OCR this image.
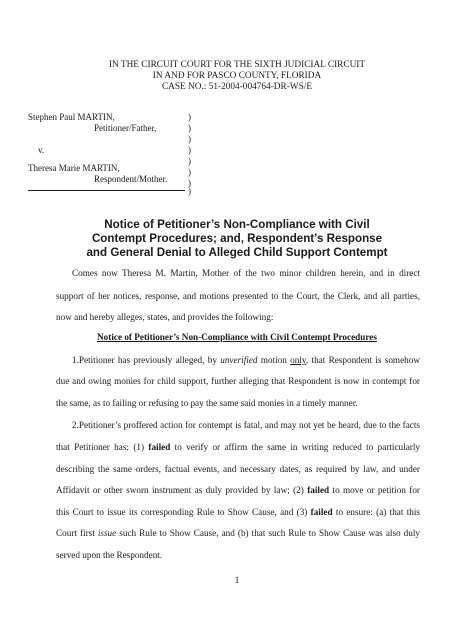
IN THE CIRCUIT COURT FOR THE SIXTH JUDICIAL CIRCUIT
IN AND FOR PASCO COUNTY, FLORIDA
CASE NO.: 51-2004-004764-DR-WS/E
Stephen Paul MARTIN,
Petitioner/Father,
v.
Theresa Marie MARTIN,
Respondent/Mother.
)
)
)
)
)
)
)
)
Notice of Petitioner’s Non-Compliance with Civil
Contempt Procedures; and, Respondent’s Response
and General Denial to Alleged Child Support Contempt
Comes now Theresa M. Martin, Mother of the two minor children herein, and in direct
support of her notices, response, and motions presented to the Court, the Clerk, and all parties,
now and hereby alleges, states, and provides the following:
Notice of Petitioner’s Non-Compliance with Civil Contempt Procedures
1.Petitioner has previously alleged, by unverified motion only, that Respondent is somehow
due and owing monies for child support, further alleging that Respondent is now in contempt for
the same, as to failing or refusing to pay the same said monies in a timely manner.
2.Petitioner’s proffered action for contempt is fatal, and may not yet be heard, due to the facts
that Petitioner has: (1) failed to verify or affirm the same in writing reduced to particularly
describing the same orders, factual events, and necessary dates, as required by law, and under
Affidavit or other sworn instrument as duly provided by law; (2) failed to move or petition for
this Court to issue its corresponding Rule to Show Cause, and (3) failed to ensure: (a) that this
Court first issue such Rule to Show Cause, and (b) that such Rule to Show Cause was also duly
served upon the Respondent.
1
